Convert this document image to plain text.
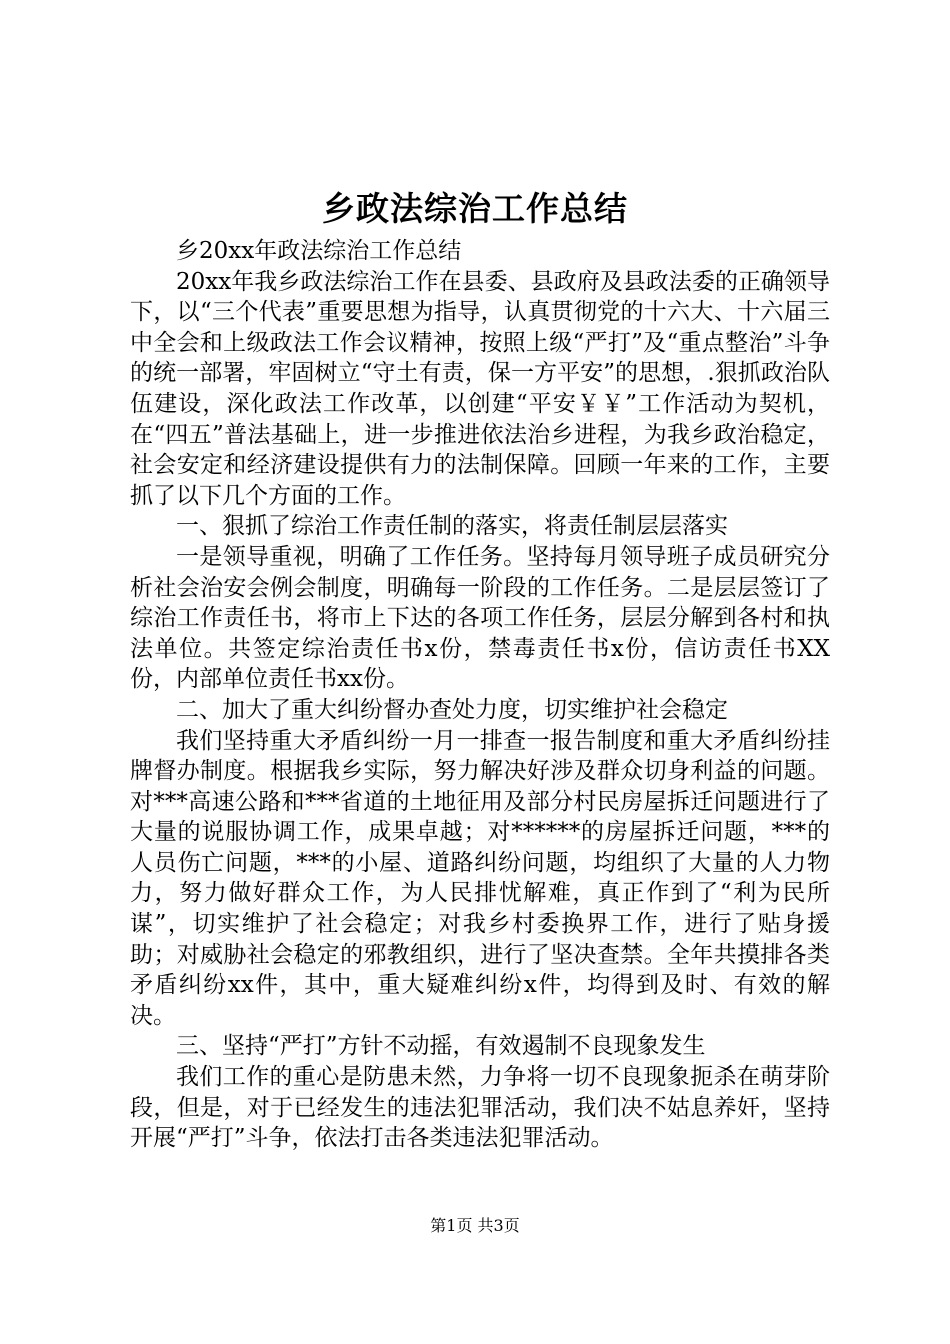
乡政法综治工作总结

乡20xx年政法综治工作总结

20xx年我乡政法综治工作在县委、县政府及县政法委的正确领导下，以“三个代表”重要思想为指导，认真贯彻党的十六大、十六届三中全会和上级政法工作会议精神，按照上级“严打”及“重点整治”斗争的统一部署，牢固树立“守土有责，保一方平安”的思想，.狠抓政治队伍建设，深化政法工作改革，以创建“平安￥￥”工作活动为契机，在“四五”普法基础上，进一步推进依法治乡进程，为我乡政治稳定，社会安定和经济建设提供有力的法制保障。回顾一年来的工作，主要抓了以下几个方面的工作。

一、狠抓了综治工作责任制的落实，将责任制层层落实

一是领导重视，明确了工作任务。坚持每月领导班子成员研究分析社会治安会例会制度，明确每一阶段的工作任务。二是层层签订了综治工作责任书，将市上下达的各项工作任务，层层分解到各村和执法单位。共签定综治责任书x份，禁毒责任书x份，信访责任书XX份，内部单位责任书xx份。

二、加大了重大纠纷督办查处力度，切实维护社会稳定

我们坚持重大矛盾纠纷一月一排查一报告制度和重大矛盾纠纷挂牌督办制度。根据我乡实际，努力解决好涉及群众切身利益的问题。对***高速公路和***省道的土地征用及部分村民房屋拆迁问题进行了大量的说服协调工作，成果卓越；对******的房屋拆迁问题，***的人员伤亡问题，***的小屋、道路纠纷问题，均组织了大量的人力物力，努力做好群众工作，为人民排忧解难，真正作到了“利为民所谋”，切实维护了社会稳定；对我乡村委换界工作，进行了贴身援助；对威胁社会稳定的邪教组织，进行了坚决查禁。全年共摸排各类矛盾纠纷xx件，其中，重大疑难纠纷x件，均得到及时、有效的解决。

三、坚持“严打”方针不动摇，有效遏制不良现象发生

我们工作的重心是防患未然，力争将一切不良现象扼杀在萌芽阶段，但是，对于已经发生的违法犯罪活动，我们决不姑息养奸，坚持开展“严打”斗争，依法打击各类违法犯罪活动。

第1页 共3页
